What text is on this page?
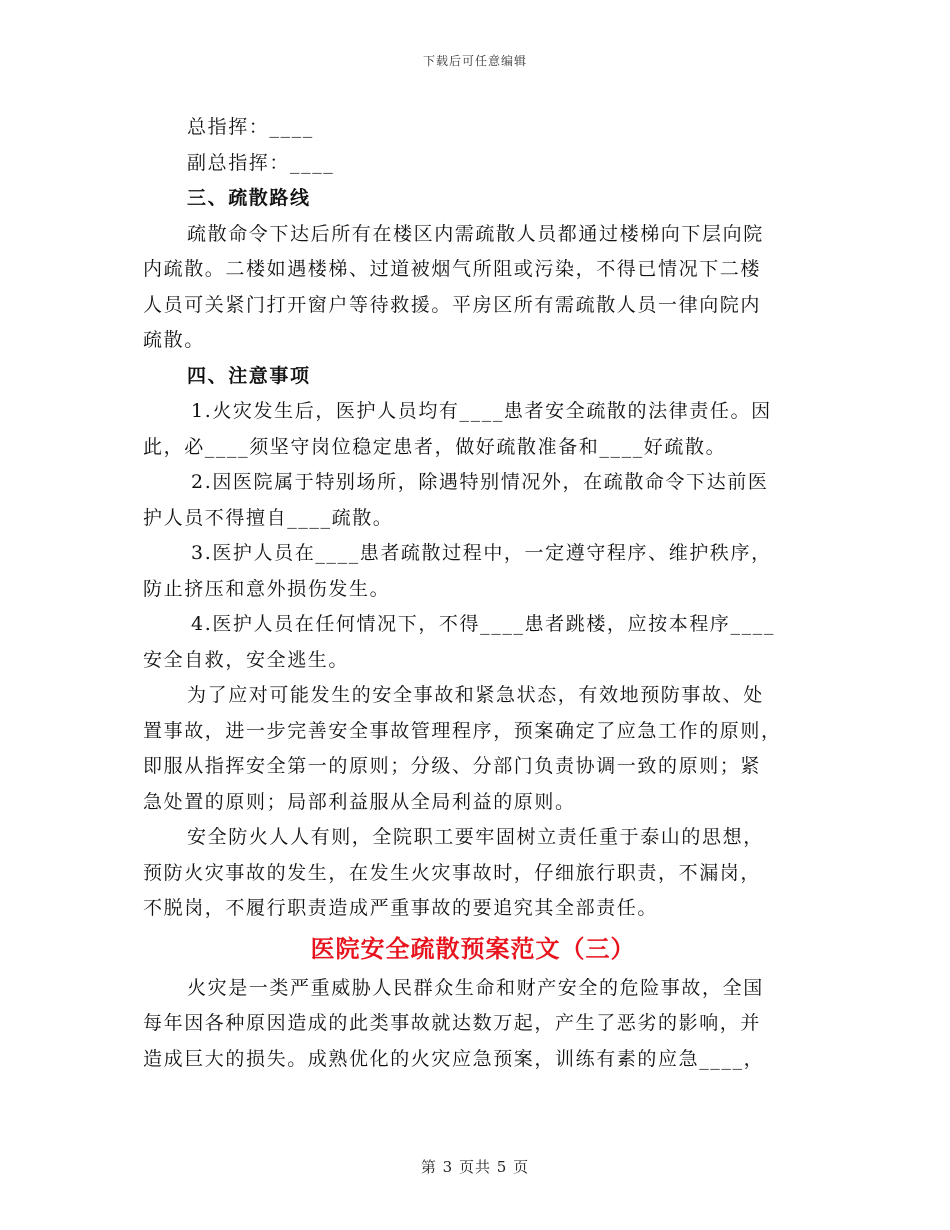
下载后可任意编辑
总指挥：____
副总指挥：____
三、疏散路线
疏散命令下达后所有在楼区内需疏散人员都通过楼梯向下层向院
内疏散。二楼如遇楼梯、过道被烟气所阻或污染，不得已情况下二楼
人员可关紧门打开窗户等待救援。平房区所有需疏散人员一律向院内
疏散。
四、注意事项
1.火灾发生后，医护人员均有____患者安全疏散的法律责任。因
此，必____须坚守岗位稳定患者，做好疏散准备和____好疏散。
2.因医院属于特别场所，除遇特别情况外，在疏散命令下达前医
护人员不得擅自____疏散。
3.医护人员在____患者疏散过程中，一定遵守程序、维护秩序，
防止挤压和意外损伤发生。
4.医护人员在任何情况下，不得____患者跳楼，应按本程序____
安全自救，安全逃生。
为了应对可能发生的安全事故和紧急状态，有效地预防事故、处
置事故，进一步完善安全事故管理程序，预案确定了应急工作的原则，
即服从指挥安全第一的原则；分级、分部门负责协调一致的原则；紧
急处置的原则；局部利益服从全局利益的原则。
安全防火人人有则，全院职工要牢固树立责任重于泰山的思想，
预防火灾事故的发生，在发生火灾事故时，仔细旅行职责，不漏岗，
不脱岗，不履行职责造成严重事故的要追究其全部责任。
医院安全疏散预案范文（三）
火灾是一类严重威胁人民群众生命和财产安全的危险事故，全国
每年因各种原因造成的此类事故就达数万起，产生了恶劣的影响，并
造成巨大的损失。成熟优化的火灾应急预案，训练有素的应急____，
第 3 页共 5 页
